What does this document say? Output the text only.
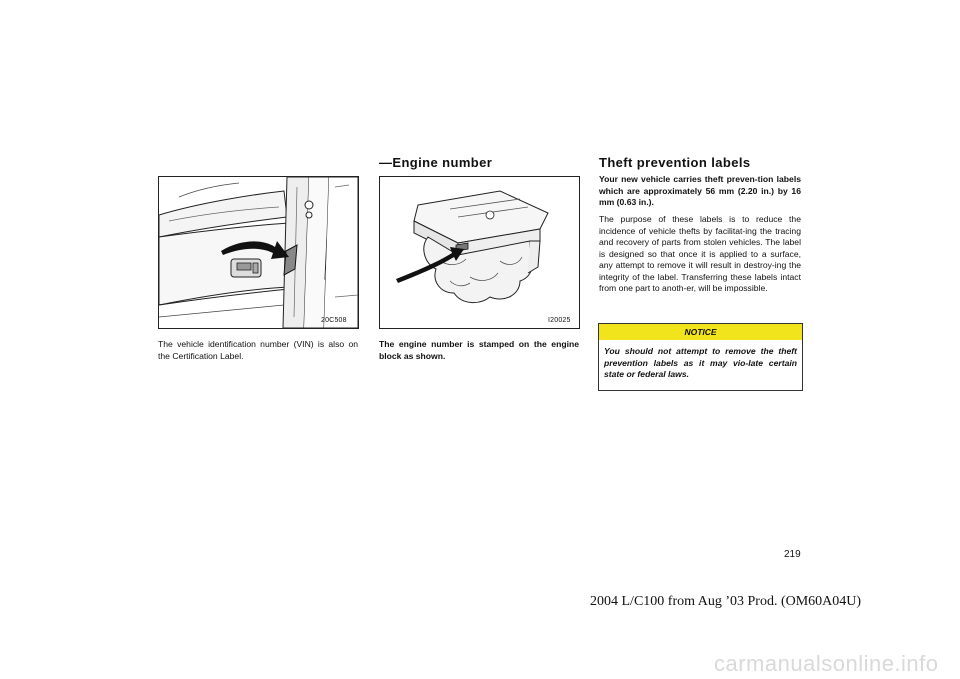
—Engine number	Theft prevention labels
20C508	I20025
The vehicle identification number (VIN) is also on the Certification Label.
The engine number is stamped on the engine block as shown.
Your new vehicle carries theft preven-tion labels which are approximately 56 mm (2.20 in.) by 16 mm (0.63 in.).
The purpose of these labels is to reduce the incidence of vehicle thefts by facilitat-ing the tracing and recovery of parts from stolen vehicles. The label is designed so that once it is applied to a surface, any attempt to remove it will result in destroy-ing the integrity of the label. Transferring these labels intact from one part to anoth-er, will be impossible.
NOTICE
You should not attempt to remove the theft prevention labels as it may vio-late certain state or federal laws.
219
2004 L/C100 from Aug ’03 Prod. (OM60A04U)
carmanualsonline.info
